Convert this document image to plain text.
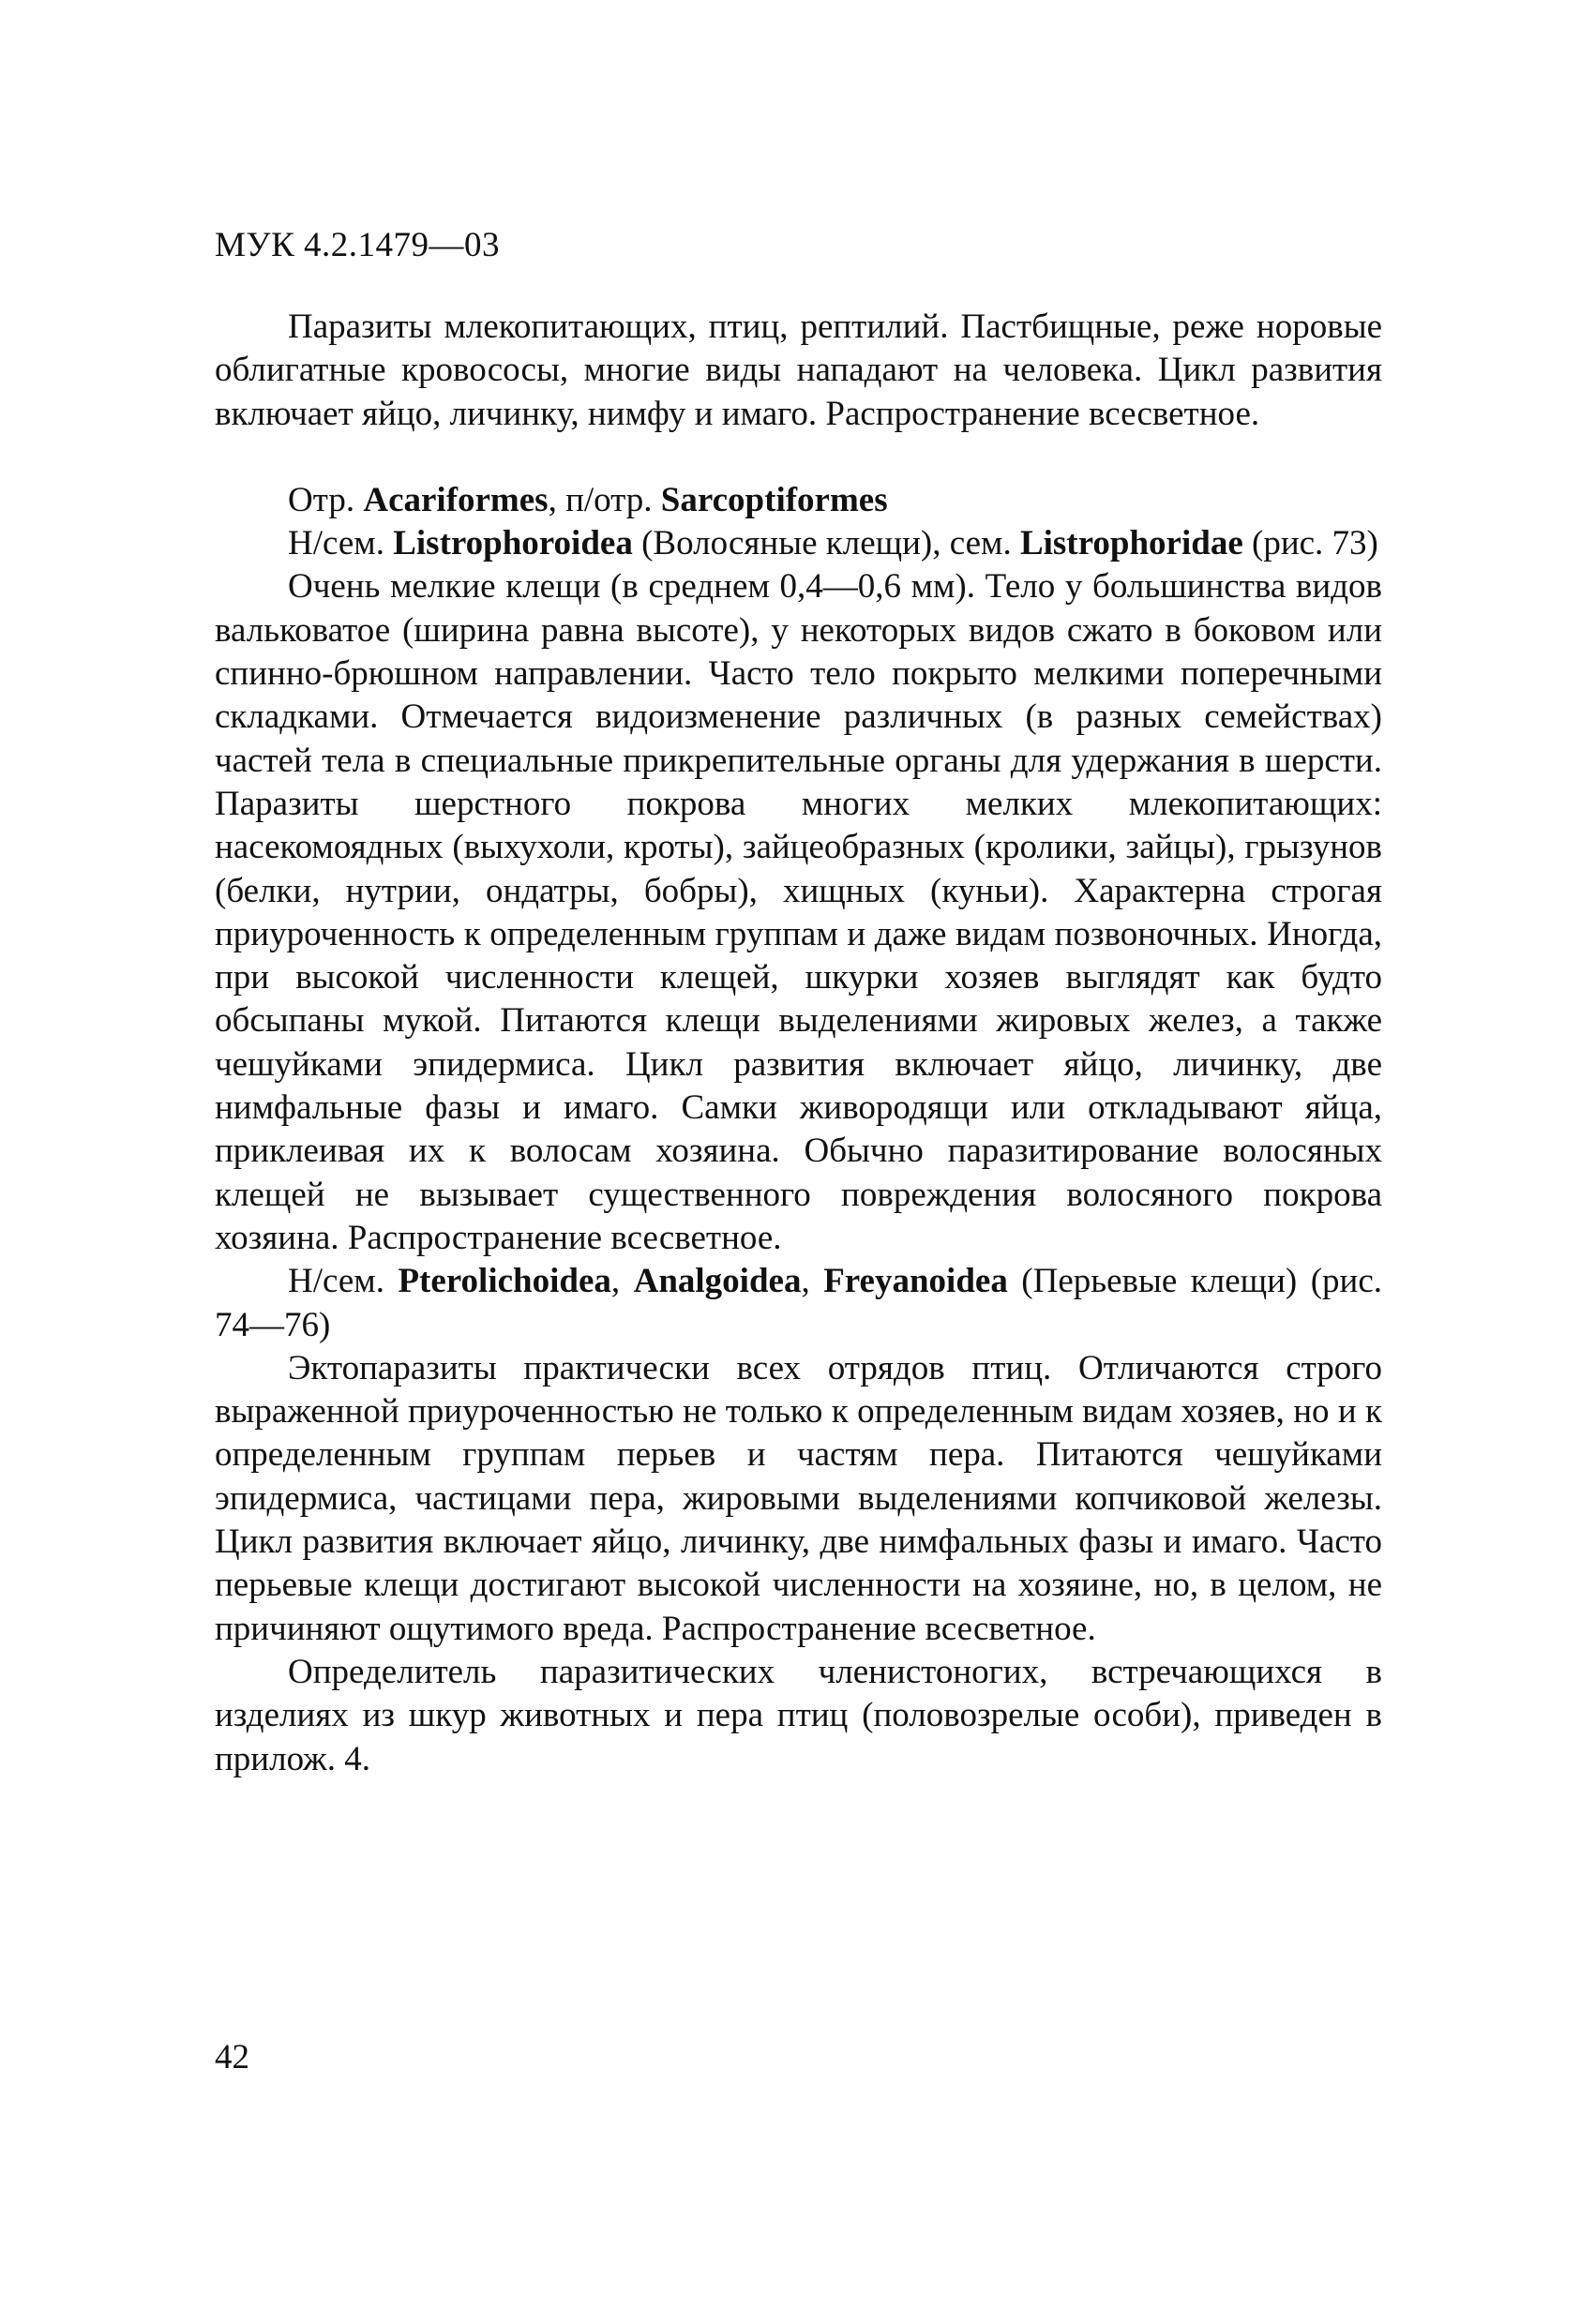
МУК 4.2.1479—03

Паразиты млекопитающих, птиц, рептилий. Пастбищные, реже норовые облигатные кровососы, многие виды нападают на человека. Цикл развития включает яйцо, личинку, нимфу и имаго. Распространение всесветное.

Отр. Acariformes, п/отр. Sarcoptiformes

Н/сем. Listrophoroidea (Волосяные клещи), сем. Listrophoridae (рис. 73)

Очень мелкие клещи (в среднем 0,4—0,6 мм). Тело у большинства видов вальковатое (ширина равна высоте), у некоторых видов сжато в боковом или спинно-брюшном направлении. Часто тело покрыто мелкими поперечными складками. Отмечается видоизменение различных (в разных семействах) частей тела в специальные прикрепительные органы для удержания в шерсти. Паразиты шерстного покрова многих мелких млекопитающих: насекомоядных (выхухоли, кроты), зайцеобразных (кролики, зайцы), грызунов (белки, нутрии, ондатры, бобры), хищных (куньи). Характерна строгая приуроченность к определенным группам и даже видам позвоночных. Иногда, при высокой численности клещей, шкурки хозяев выглядят как будто обсыпаны мукой. Питаются клещи выделениями жировых желез, а также чешуйками эпидермиса. Цикл развития включает яйцо, личинку, две нимфальные фазы и имаго. Самки живородящи или откладывают яйца, приклеивая их к волосам хозяина. Обычно паразитирование волосяных клещей не вызывает существенного повреждения волосяного покрова хозяина. Распространение всесветное.

Н/сем. Pterolichoidea, Analgoidea, Freyanoidea (Перьевые клещи) (рис. 74—76)

Эктопаразиты практически всех отрядов птиц. Отличаются строго выраженной приуроченностью не только к определенным видам хозяев, но и к определенным группам перьев и частям пера. Питаются чешуйками эпидермиса, частицами пера, жировыми выделениями копчиковой железы. Цикл развития включает яйцо, личинку, две нимфальных фазы и имаго. Часто перьевые клещи достигают высокой численности на хозяине, но, в целом, не причиняют ощутимого вреда. Распространение всесветное.

Определитель паразитических членистоногих, встречающихся в изделиях из шкур животных и пера птиц (половозрелые особи), приведен в прилож. 4.

42
